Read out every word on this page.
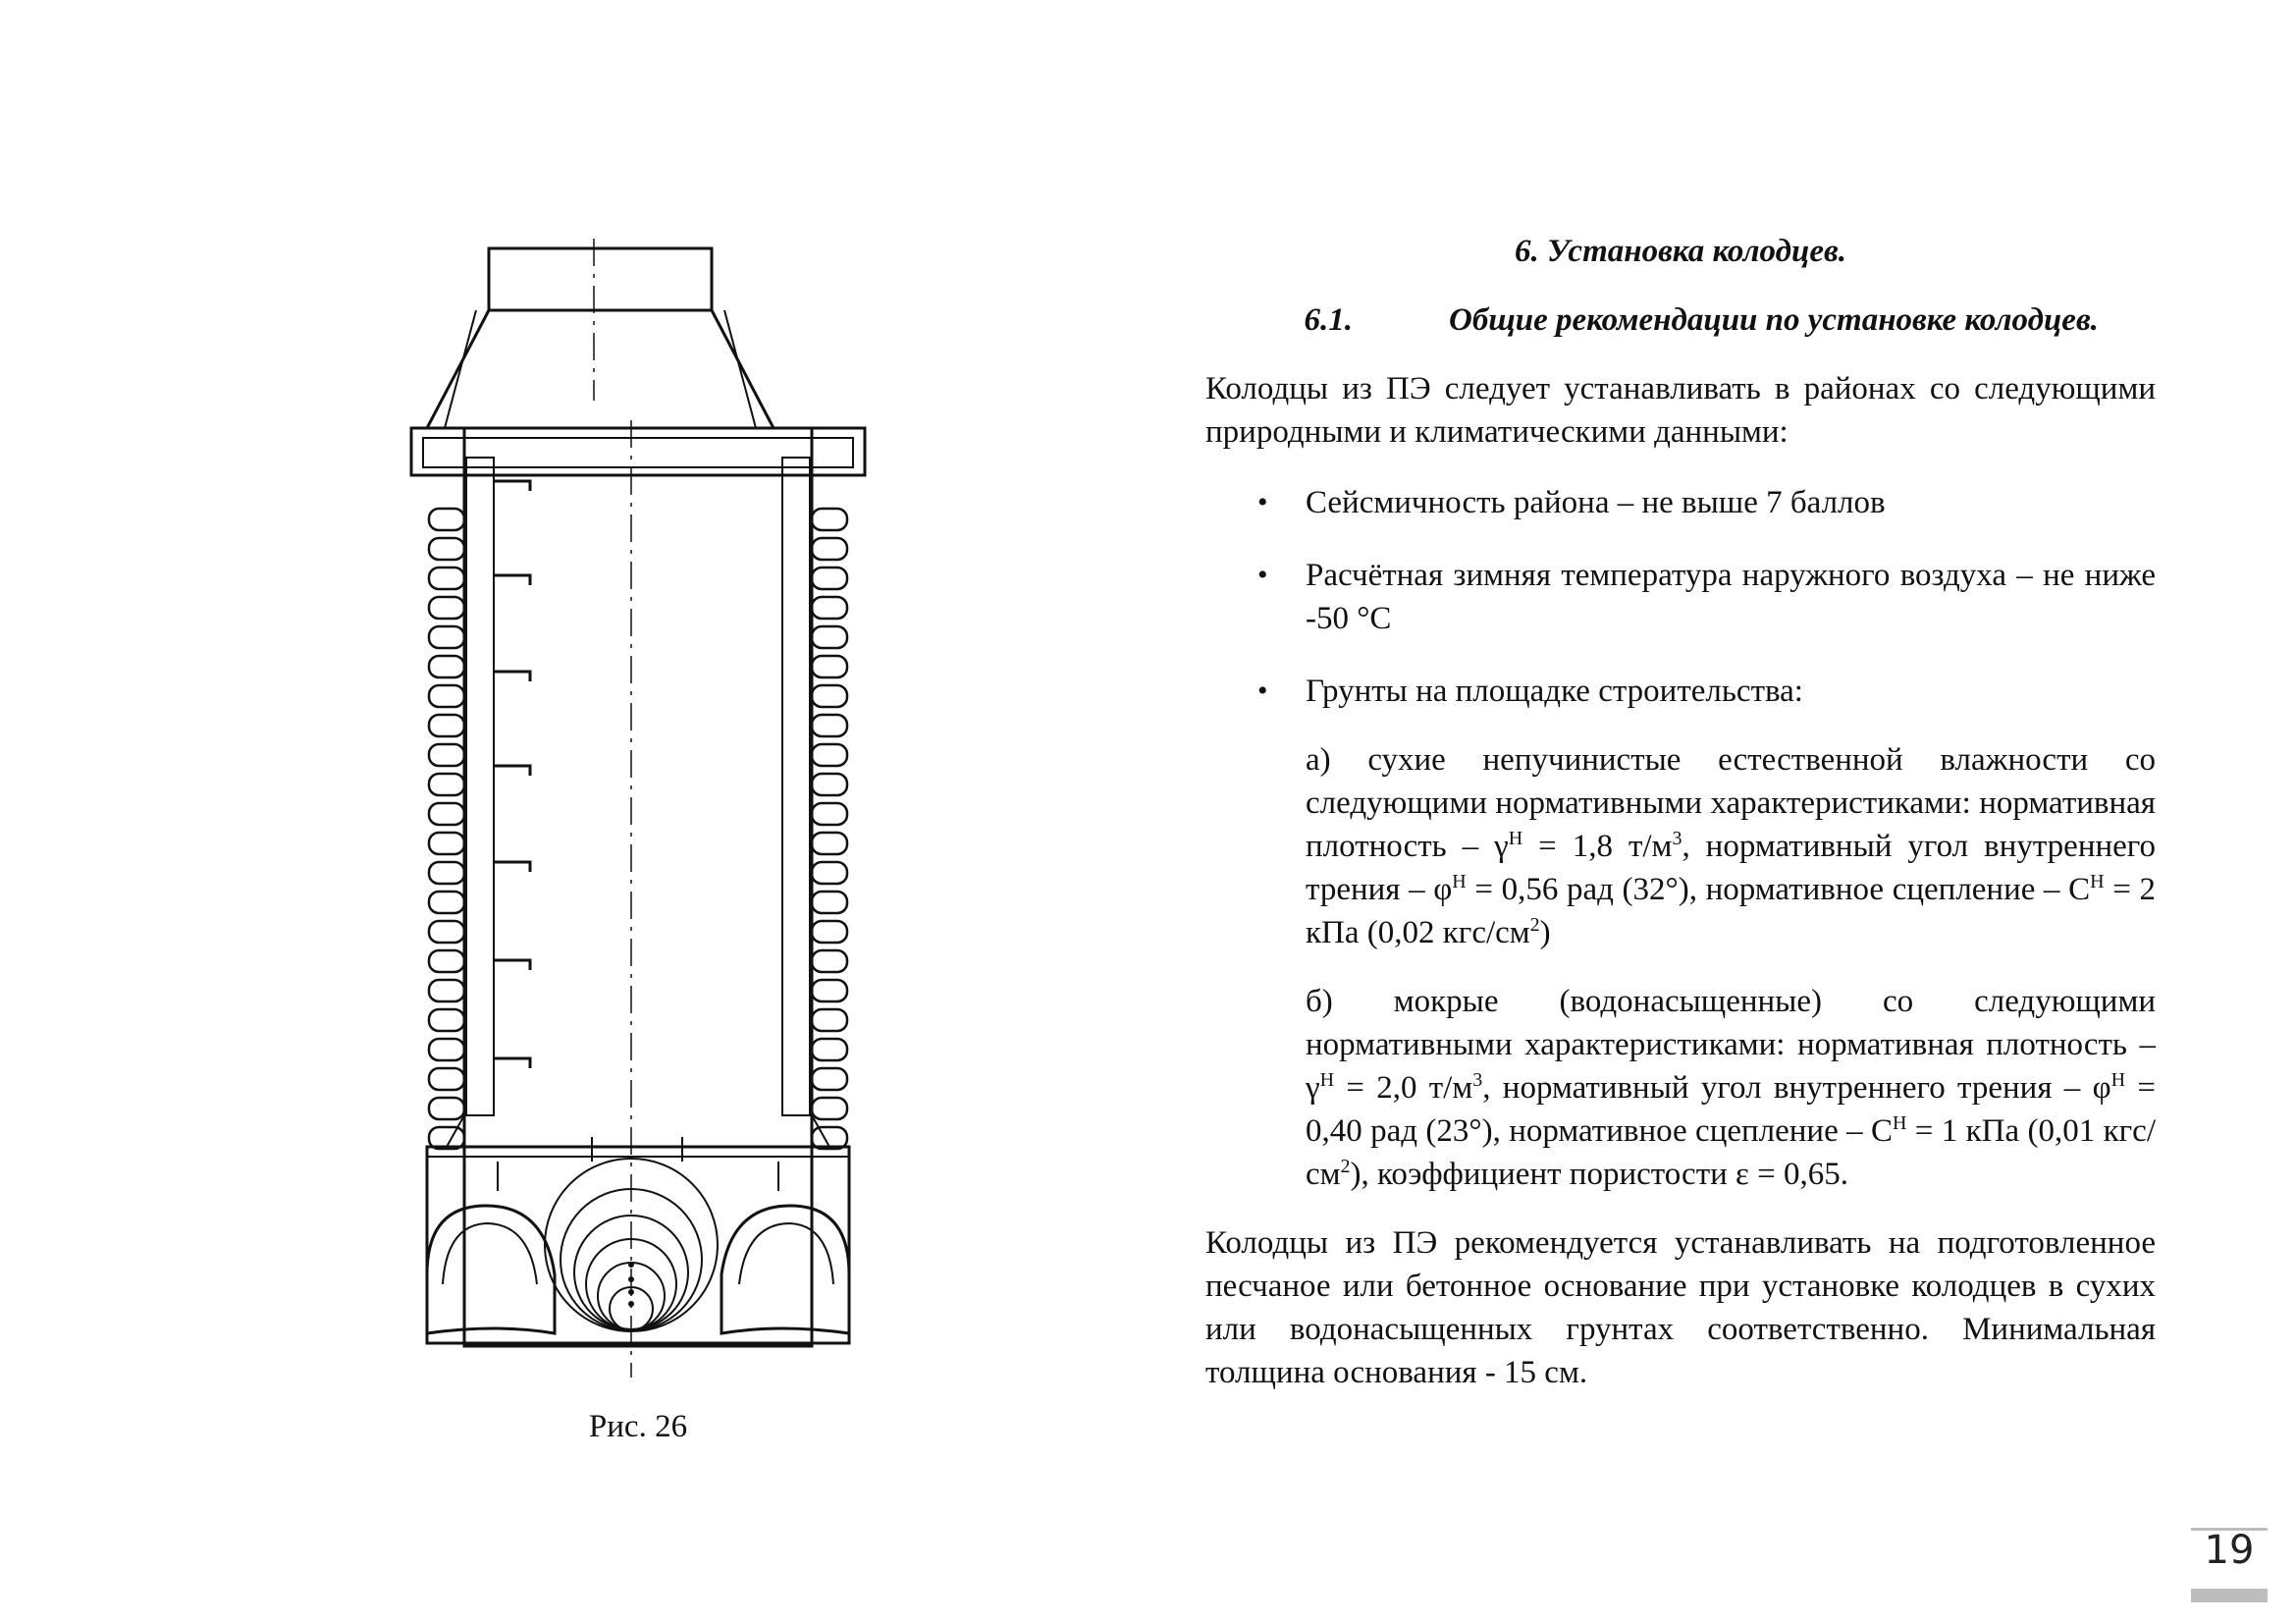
Рис. 26
6. Установка колодцев.
6.1.	Общие рекомендации по установке колодцев.
Колодцы из ПЭ следует устанавливать в районах со следующими природными и климатическими данными:
• Сейсмичность района – не выше 7 баллов
• Расчётная зимняя температура наружного воздуха – не ниже -50 °С
• Грунты на площадке строительства:
а) сухие непучинистые естественной влажности со следующими нормативными характеристиками: нормативная плотность – $\gamma^Н = 1,8$ $т/м^3$, нормативный угол внутреннего трения – $\varphi^Н = 0,56$ рад (32°), нормативное сцепление – $С^Н = 2$ кПа (0,02 кгс/$см^2$)
б) мокрые (водонасыщенные) со следующими нормативными характеристиками: нормативная плотность – $\gamma^Н = 2,0$ $т/м^3$, нормативный угол внутреннего трения – $\varphi^Н = 0,40$ рад (23°), нормативное сцепление – $С^Н = 1$ кПа (0,01 кгс/$см^2$), коэффициент пористости ε = 0,65.
Колодцы из ПЭ рекомендуется устанавливать на подготовленное песчаное или бетонное основание при установке колодцев в сухих или водонасыщенных грунтах соответственно. Минимальная толщина основания - 15 см.
19
